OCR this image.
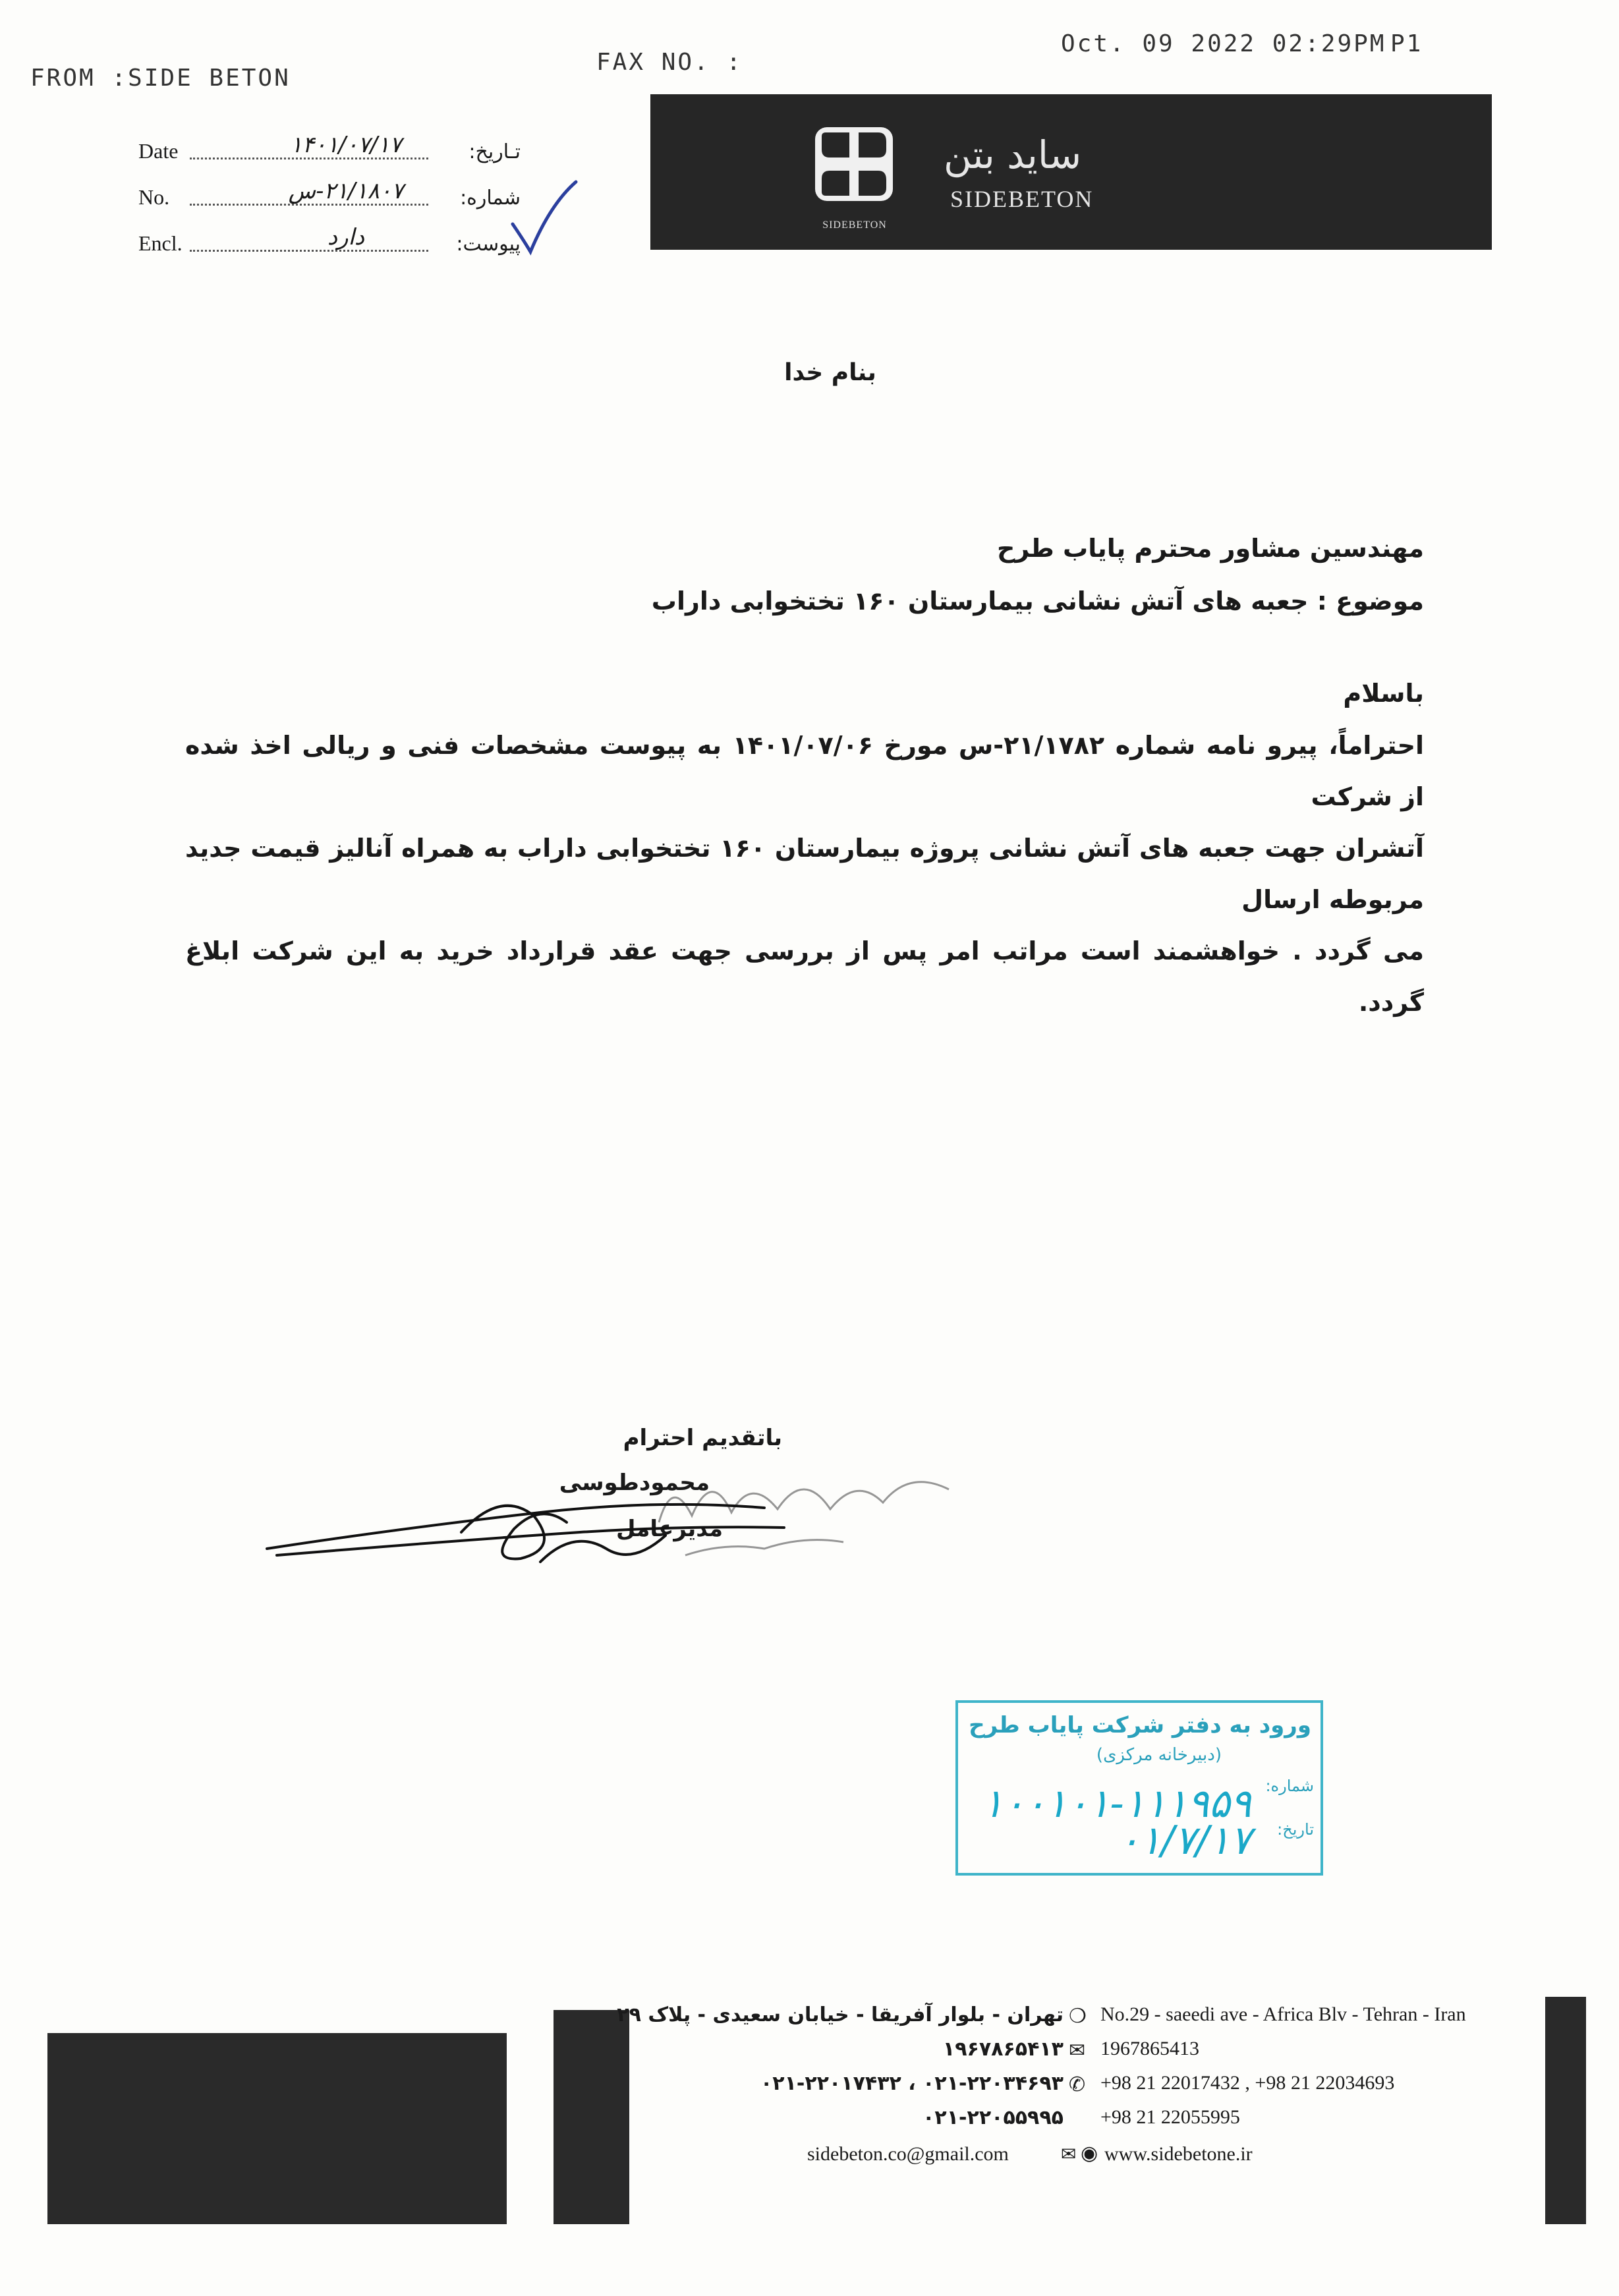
FROM :SIDE BETON
FAX NO. :
Oct. 09 2022 02:29PM P1
Date	۱۴۰۱/۰۷/۱۷	تـاریخ:
No.	۲۱/۱۸۰۷-س	شماره:
Encl.	دارد	پیوست:
SIDEBETON
ساید بتن
SIDEBETON
بنام خدا
مهندسین مشاور محترم پایاب طرح
موضوع : جعبه های آتش نشانی بیمارستان ۱۶۰ تختخوابی داراب
باسلام
احتراماً، پیرو نامه شماره ۲۱/۱۷۸۲-س مورخ ۱۴۰۱/۰۷/۰۶ به پیوست مشخصات فنی و ریالی اخذ شده از شرکت
آتشران جهت جعبه های آتش نشانی پروژه بیمارستان ۱۶۰ تختخوابی داراب به همراه آنالیز قیمت جدید مربوطه ارسال
می گردد . خواهشمند است مراتب امر پس از بررسی جهت عقد قرارداد خرید به این شرکت ابلاغ گردد.
باتقدیم احترام
محمودطوسی
مدیرعامل
ورود به دفتر شرکت پایاب طرح
(دبیرخانه مرکزی)
شماره:
۱۰۰۱۰۱-۱۱۱۹۵۹
تاریخ:
۰۱/۷/۱۷
تهران - بلوار آفریقا - خیابان سعیدی - پلاک ۲۹
۱۹۶۷۸۶۵۴۱۳
۰۲۱-۲۲۰۱۷۴۳۲ ، ۰۲۱-۲۲۰۳۴۶۹۳
۰۲۱-۲۲۰۵۵۹۹۵
❍
✉
✆
No.29 - saeedi ave - Africa Blv - Tehran - Iran
1967865413
+98 21 22017432 , +98 21 22034693
+98 21 22055995
sidebeton.co@gmail.com	✉ ◉ www.sidebetone.ir
